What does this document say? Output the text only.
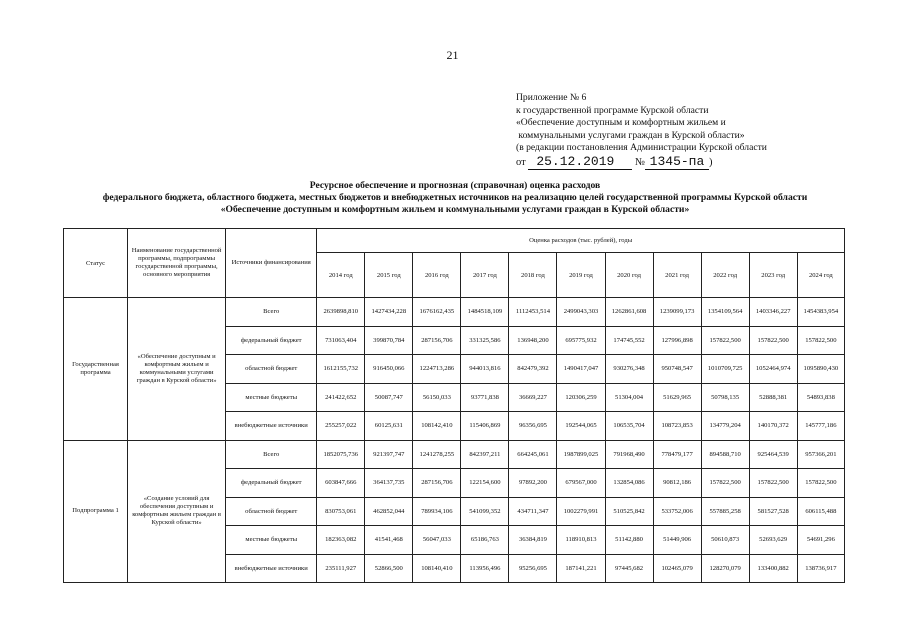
21
Приложение № 6
к государственной программе Курской области
«Обеспечение доступным и комфортным жильем и
коммунальными услугами граждан в Курской области»
(в редакции постановления Администрации Курской области
от 25.12.2019 № 1345-па )
Ресурсное обеспечение и прогнозная (справочная) оценка расходов
федерального бюджета, областного бюджета, местных бюджетов и внебюджетных источников на реализацию целей государственной программы Курской области
«Обеспечение доступным и комфортным жильем и коммунальными услугами граждан в Курской области»
Статус	Наименование государственной программы, подпрограммы государственной программы, основного мероприятия	Источники финансирования	Оценка расходов (тыс. рублей), годы										
			2014 год	2015 год	2016 год	2017 год	2018 год	2019 год	2020 год	2021 год	2022 год	2023 год	2024 год
Государственная программа	«Обеспечение доступным и комфортным жильем и коммунальными услугами граждан в Курской области»	Всего	2639898,810	1427434,228	1676162,435	1484518,109	1112453,514	2499043,303	1262861,608	1239099,173	1354109,564	1403346,227	1454383,954
		федеральный бюджет	731063,404	399870,784	287156,706	331325,586	136948,200	695775,932	174745,552	127996,898	157822,500	157822,500	157822,500
		областной бюджет	1612155,732	916450,066	1224713,286	944013,816	842479,392	1490417,047	930276,348	950748,547	1010709,725	1052464,974	1095890,430
		местные бюджеты	241422,652	50087,747	56150,033	93771,838	36669,227	120306,259	51304,004	51629,965	50798,135	52888,381	54893,838
		внебюджетные источники	255257,022	60125,631	108142,410	115406,869	96356,695	192544,065	106535,704	108723,853	134779,204	140170,372	145777,186
Подпрограмма 1	«Создание условий для обеспечения доступным и комфортным жильем граждан в Курской области»	Всего	1852075,736	921397,747	1241278,255	842397,211	664245,061	1987899,025	791968,490	778479,177	894588,710	925464,539	957366,201
		федеральный бюджет	603847,666	364137,735	287156,706	122154,600	97892,200	679567,000	132854,086	90812,186	157822,500	157822,500	157822,500
		областной бюджет	830753,061	462852,044	789934,106	541099,352	434711,347	1002279,991	510525,842	533752,006	557885,258	581527,528	606115,488
		местные бюджеты	182363,082	41541,468	56047,033	65186,763	36384,819	118910,813	51142,880	51449,906	50610,873	52693,629	54691,296
		внебюджетные источники	235111,927	52866,500	108140,410	113956,496	95256,695	187141,221	97445,682	102465,079	128270,079	133400,882	138736,917
